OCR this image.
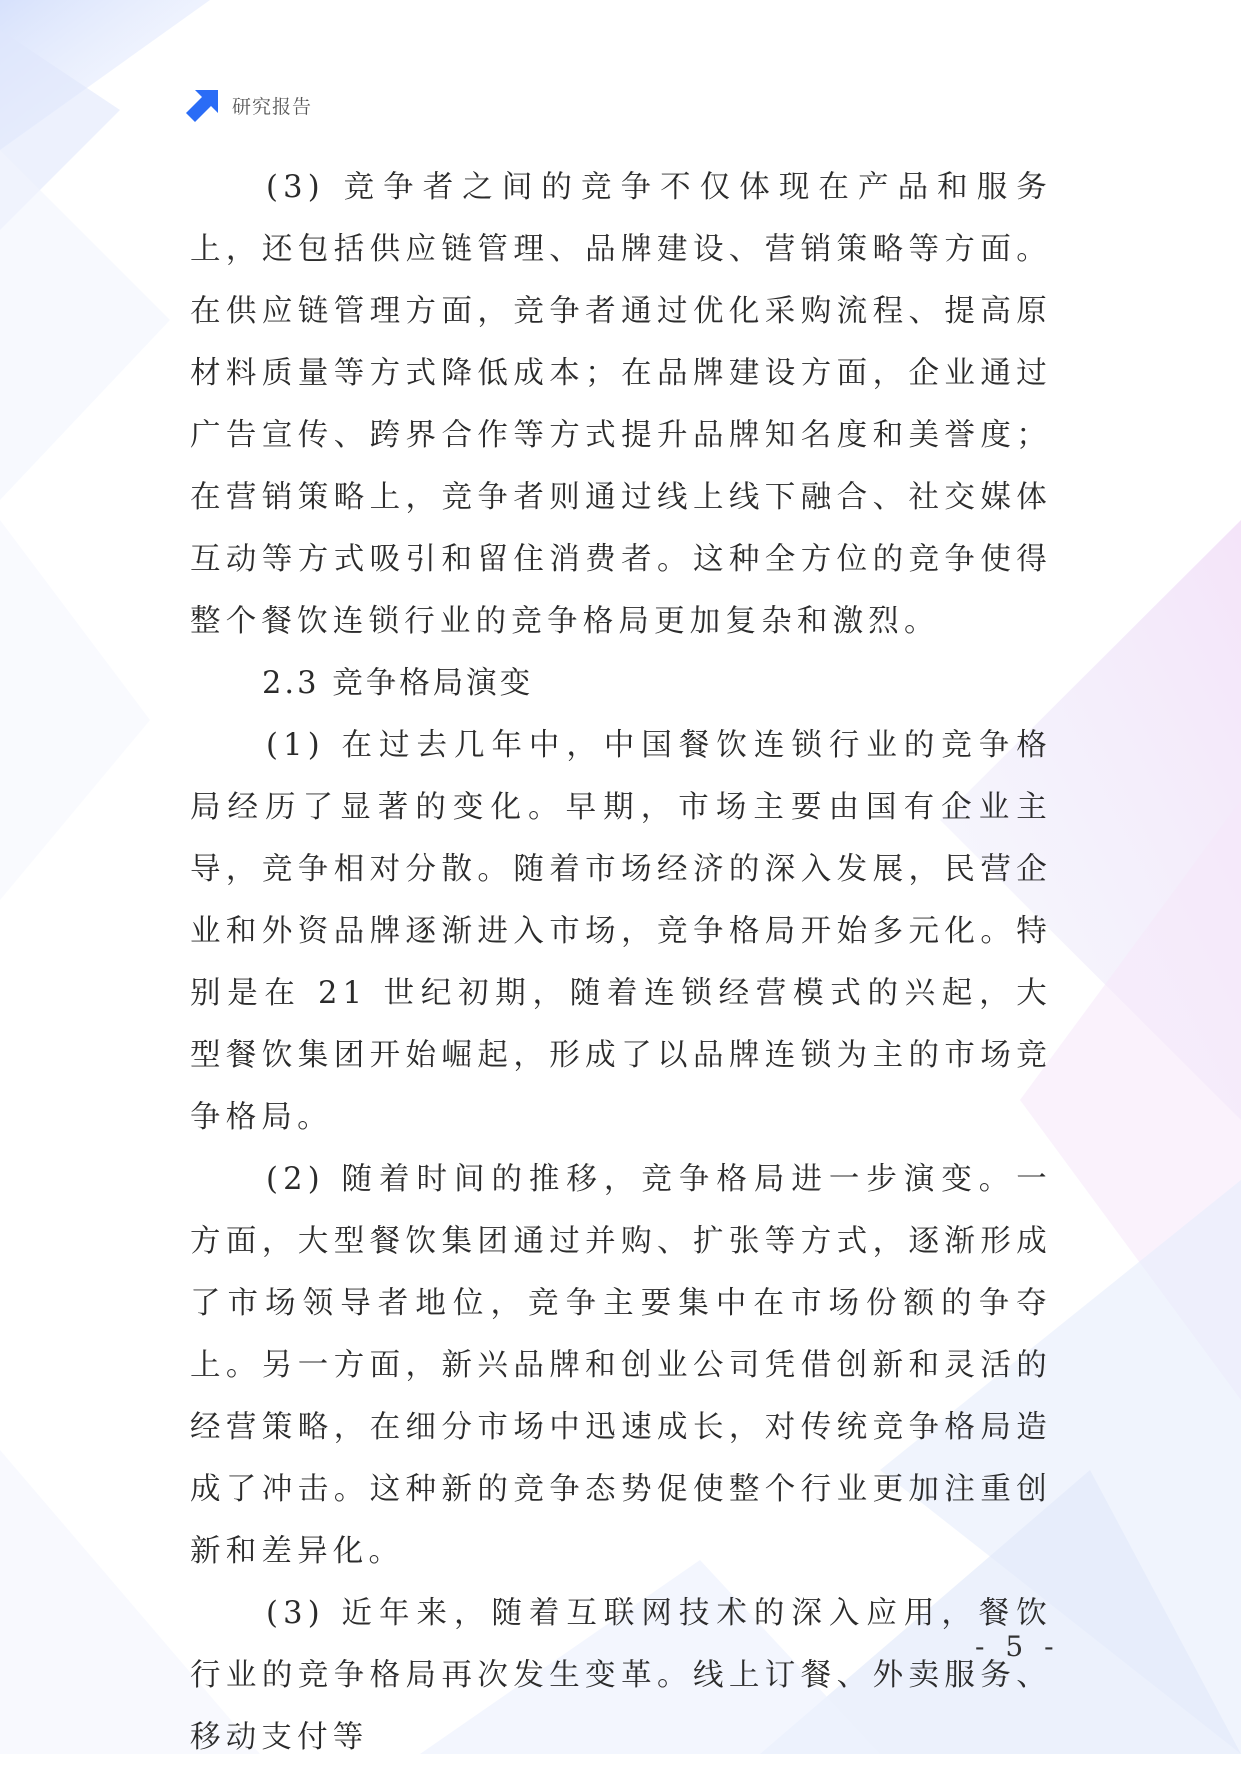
研究报告

(3) 竞争者之间的竞争不仅体现在产品和服务上，还包括供应链管理、品牌建设、营销策略等方面。在供应链管理方面，竞争者通过优化采购流程、提高原材料质量等方式降低成本；在品牌建设方面，企业通过广告宣传、跨界合作等方式提升品牌知名度和美誉度；在营销策略上，竞争者则通过线上线下融合、社交媒体互动等方式吸引和留住消费者。这种全方位的竞争使得整个餐饮连锁行业的竞争格局更加复杂和激烈。

2.3 竞争格局演变

(1) 在过去几年中，中国餐饮连锁行业的竞争格局经历了显著的变化。早期，市场主要由国有企业主导，竞争相对分散。随着市场经济的深入发展，民营企业和外资品牌逐渐进入市场，竞争格局开始多元化。特别是在 21 世纪初期，随着连锁经营模式的兴起，大型餐饮集团开始崛起，形成了以品牌连锁为主的市场竞争格局。

(2) 随着时间的推移，竞争格局进一步演变。一方面，大型餐饮集团通过并购、扩张等方式，逐渐形成了市场领导者地位，竞争主要集中在市场份额的争夺上。另一方面，新兴品牌和创业公司凭借创新和灵活的经营策略，在细分市场中迅速成长，对传统竞争格局造成了冲击。这种新的竞争态势促使整个行业更加注重创新和差异化。

(3) 近年来，随着互联网技术的深入应用，餐饮行业的竞争格局再次发生变革。线上订餐、外卖服务、移动支付等

- 5 -
